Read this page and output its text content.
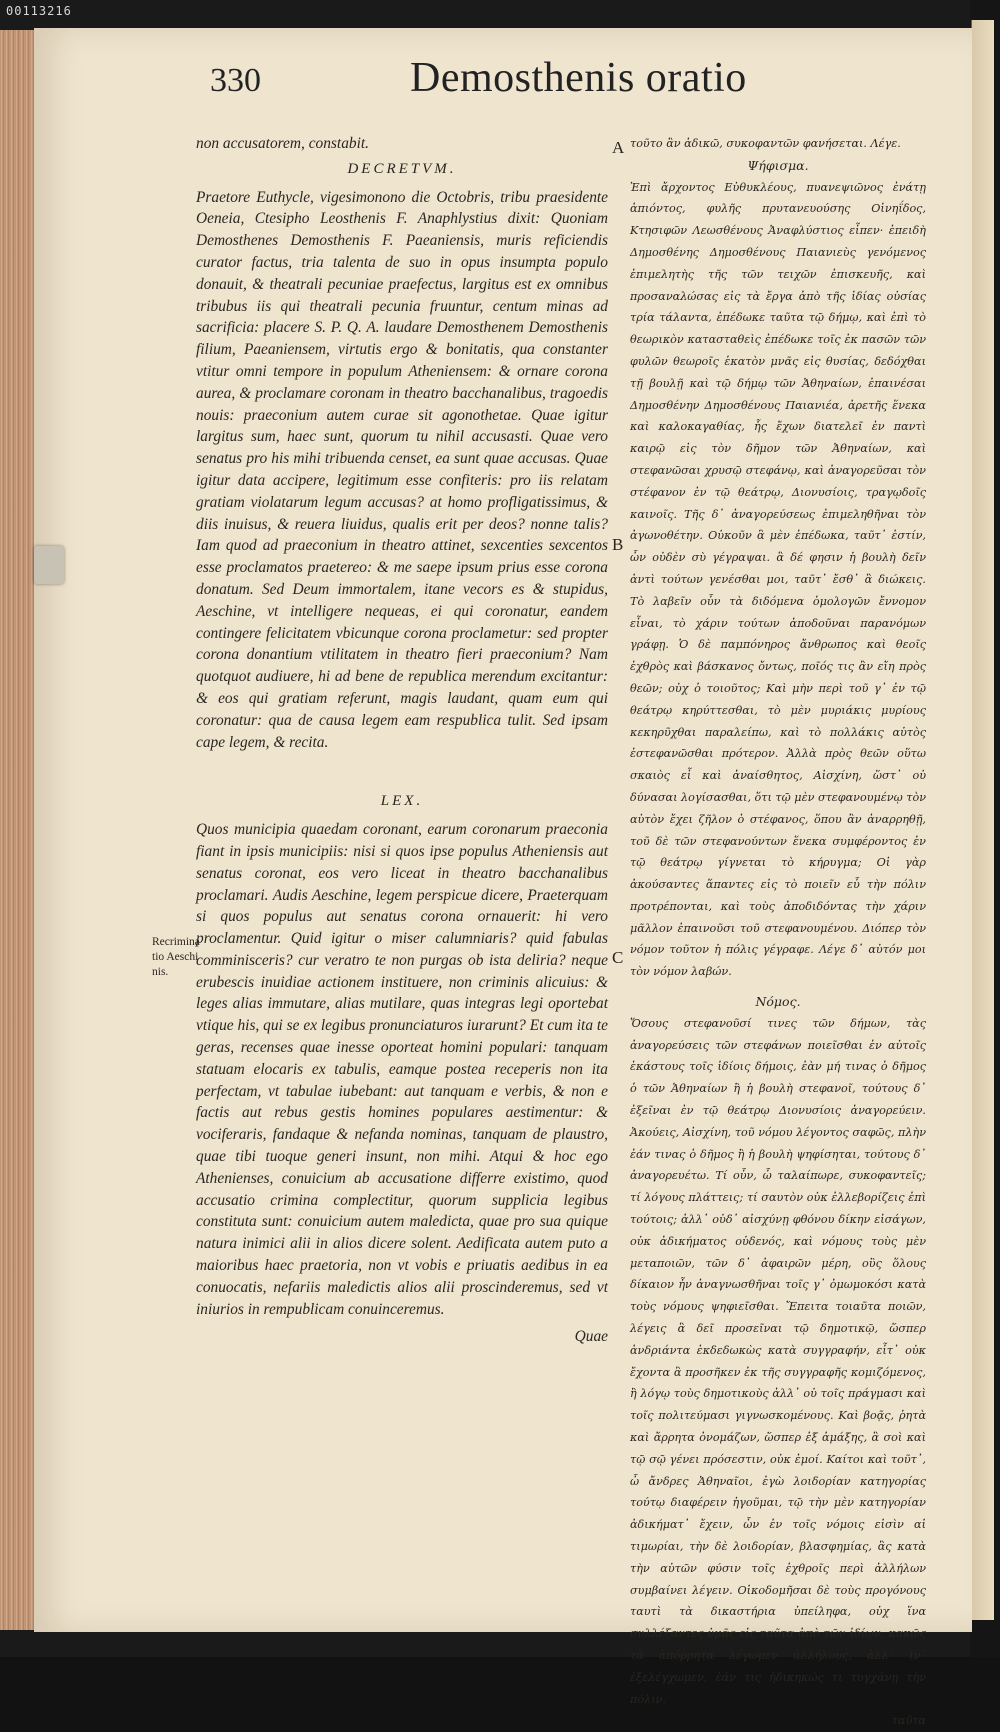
00113216
330	Demosthenis oratio

non accusatorem, constabit.

DECRETVM.

Praetore Euthycle, vigesimonono die Octobris, tribu praesidente Oeneia, Ctesipho Leosthenis F. Anaphlystius dixit: Quoniam Demosthenes Demosthenis F. Paeaniensis, muris reficiendis curator factus, tria talenta de suo in opus insumpta populo donauit, & theatrali pecuniae praefectus, largitus est ex omnibus tribubus iis qui theatrali pecunia fruuntur, centum minas ad sacrificia: placere S. P. Q. A. laudare Demosthenem Demosthenis filium, Paeaniensem, virtutis ergo & bonitatis, qua constanter vtitur omni tempore in populum Atheniensem: & ornare corona aurea, & proclamare coronam in theatro bacchanalibus, tragoedis nouis: praeconium autem curae sit agonothetae. Quae igitur largitus sum, haec sunt, quorum tu nihil accusasti. Quae vero senatus pro his mihi tribuenda censet, ea sunt quae accusas. Quae igitur data accipere, legitimum esse confiteris: pro iis relatam gratiam violatarum legum accusas? at homo profligatissimus, & diis inuisus, & reuera liuidus, qualis erit per deos? nonne talis? Iam quod ad praeconium in theatro attinet, sexcenties sexcentos esse proclamatos praetereo: & me saepe ipsum prius esse corona donatum. Sed Deum immortalem, itane vecors es & stupidus, Aeschine, vt intelligere nequeas, ei qui coronatur, eandem contingere felicitatem vbicunque corona proclametur: sed propter corona donantium vtilitatem in theatro fieri praeconium? Nam quotquot audiuere, hi ad bene de republica merendum excitantur: & eos qui gratiam referunt, magis laudant, quam eum qui coronatur: qua de causa legem eam respublica tulit. Sed ipsam cape legem, & recita.

LEX.

Quos municipia quaedam coronant, earum coronarum praeconia fiant in ipsis municipiis: nisi si quos ipse populus Atheniensis aut senatus coronat, eos vero liceat in theatro bacchanalibus proclamari. Audis Aeschine, legem perspicue dicere, Praeterquam si quos populus aut senatus corona ornauerit: hi vero proclamentur. Quid igitur o miser calumniaris? quid fabulas comminisceris? cur veratro te non purgas ob ista deliria? neque erubescis inuidiae actionem instituere, non criminis alicuius: & leges alias immutare, alias mutilare, quas integras legi oportebat vtique his, qui se ex legibus pronunciaturos iurarunt? Et cum ita te geras, recenses quae inesse oporteat homini populari: tanquam statuam elocaris ex tabulis, eamque postea receperis non ita perfectam, vt tabulae iubebant: aut tanquam e verbis, & non e factis aut rebus gestis homines populares aestimentur: & vociferaris, fandaque & nefanda nominas, tanquam de plaustro, quae tibi tuoque generi insunt, non mihi. Atqui & hoc ego Athenienses, conuicium ab accusatione differre existimo, quod accusatio crimina complectitur, quorum supplicia legibus constituta sunt: conuicium autem maledicta, quae pro sua quique natura inimici alii in alios dicere solent. Aedificata autem puto a maioribus haec praetoria, non vt vobis e priuatis aedibus in ea conuocatis, nefariis maledictis alios alii proscinderemus, sed vt iniurios in rempublicam conuinceremus.

Quae
Recrimina tio Aeschi nis.
A
B
C

τοῦτο ἂν ἀδικῶ, συκοφαντῶν φανήσεται. Λέγε.

Ψήφισμα.

Ἐπὶ ἄρχοντος Εὐθυκλέους, πυανεψιῶνος ἐνάτῃ ἀπιόντος, φυλῆς πρυτανευούσης Οἰνηΐδος, Κτησιφῶν Λεωσθένους Ἀναφλύστιος εἶπεν· ἐπειδὴ Δημοσθένης Δημοσθένους Παιανιεὺς γενόμενος ἐπιμελητὴς τῆς τῶν τειχῶν ἐπισκευῆς, καὶ προσαναλώσας εἰς τὰ ἔργα ἀπὸ τῆς ἰδίας οὐσίας τρία τάλαντα, ἐπέδωκε ταῦτα τῷ δήμῳ, καὶ ἐπὶ τὸ θεωρικὸν κατασταθεὶς ἐπέδωκε τοῖς ἐκ πασῶν τῶν φυλῶν θεωροῖς ἑκατὸν μνᾶς εἰς θυσίας, δεδόχθαι τῇ βουλῇ καὶ τῷ δήμῳ τῶν Ἀθηναίων, ἐπαινέσαι Δημοσθένην Δημοσθένους Παιανιέα, ἀρετῆς ἕνεκα καὶ καλοκαγαθίας, ἧς ἔχων διατελεῖ ἐν παντὶ καιρῷ εἰς τὸν δῆμον τῶν Ἀθηναίων, καὶ στεφανῶσαι χρυσῷ στεφάνῳ, καὶ ἀναγορεῦσαι τὸν στέφανον ἐν τῷ θεάτρῳ, Διονυσίοις, τραγῳδοῖς καινοῖς. Τῆς δ᾽ ἀναγορεύσεως ἐπιμεληθῆναι τὸν ἀγωνοθέτην. Οὐκοῦν ἃ μὲν ἐπέδωκα, ταῦτ᾽ ἐστίν, ὧν οὐδὲν σὺ γέγραψαι. ἃ δέ φησιν ἡ βουλὴ δεῖν ἀντὶ τούτων γενέσθαι μοι, ταῦτ᾽ ἔσθ᾽ ἃ διώκεις. Τὸ λαβεῖν οὖν τὰ διδόμενα ὁμολογῶν ἔννομον εἶναι, τὸ χάριν τούτων ἀποδοῦναι παρανόμων γράφῃ. Ὁ δὲ παμπόνηρος ἄνθρωπος καὶ θεοῖς ἐχθρὸς καὶ βάσκανος ὄντως, ποῖός τις ἂν εἴη πρὸς θεῶν; οὐχ ὁ τοιοῦτος; Καὶ μὴν περὶ τοῦ γ᾽ ἐν τῷ θεάτρῳ κηρύττεσθαι, τὸ μὲν μυριάκις μυρίους κεκηρῦχθαι παραλείπω, καὶ τὸ πολλάκις αὐτὸς ἐστεφανῶσθαι πρότερον. Ἀλλὰ πρὸς θεῶν οὕτω σκαιὸς εἶ καὶ ἀναίσθητος, Αἰσχίνη, ὥστ᾽ οὐ δύνασαι λογίσασθαι, ὅτι τῷ μὲν στεφανουμένῳ τὸν αὐτὸν ἔχει ζῆλον ὁ στέφανος, ὅπου ἂν ἀναρρηθῇ, τοῦ δὲ τῶν στεφανούντων ἕνεκα συμφέροντος ἐν τῷ θεάτρῳ γίγνεται τὸ κήρυγμα; Οἱ γὰρ ἀκούσαντες ἅπαντες εἰς τὸ ποιεῖν εὖ τὴν πόλιν προτρέπονται, καὶ τοὺς ἀποδιδόντας τὴν χάριν μᾶλλον ἐπαινοῦσι τοῦ στεφανουμένου. Διόπερ τὸν νόμον τοῦτον ἡ πόλις γέγραφε. Λέγε δ᾽ αὐτόν μοι τὸν νόμον λαβών.

Νόμος.

Ὅσους στεφανοῦσί τινες τῶν δήμων, τὰς ἀναγορεύσεις τῶν στεφάνων ποιεῖσθαι ἐν αὐτοῖς ἑκάστους τοῖς ἰδίοις δήμοις, ἐὰν μή τινας ὁ δῆμος ὁ τῶν Ἀθηναίων ἢ ἡ βουλὴ στεφανοῖ, τούτους δ᾽ ἐξεῖναι ἐν τῷ θεάτρῳ Διονυσίοις ἀναγορεύειν. Ἀκούεις, Αἰσχίνη, τοῦ νόμου λέγοντος σαφῶς, πλὴν ἐάν τινας ὁ δῆμος ἢ ἡ βουλὴ ψηφίσηται, τούτους δ᾽ ἀναγορευέτω. Τί οὖν, ὦ ταλαίπωρε, συκοφαντεῖς; τί λόγους πλάττεις; τί σαυτὸν οὐκ ἐλλεβορίζεις ἐπὶ τούτοις; ἀλλ᾽ οὐδ᾽ αἰσχύνῃ φθόνου δίκην εἰσάγων, οὐκ ἀδικήματος οὐδενός, καὶ νόμους τοὺς μὲν μεταποιῶν, τῶν δ᾽ ἀφαιρῶν μέρη, οὓς ὅλους δίκαιον ἦν ἀναγνωσθῆναι τοῖς γ᾽ ὀμωμοκόσι κατὰ τοὺς νόμους ψηφιεῖσθαι. Ἔπειτα τοιαῦτα ποιῶν, λέγεις ἃ δεῖ προσεῖναι τῷ δημοτικῷ, ὥσπερ ἀνδριάντα ἐκδεδωκὼς κατὰ συγγραφήν, εἶτ᾽ οὐκ ἔχοντα ἃ προσῆκεν ἐκ τῆς συγγραφῆς κομιζόμενος, ἢ λόγῳ τοὺς δημοτικοὺς ἀλλ᾽ οὐ τοῖς πράγμασι καὶ τοῖς πολιτεύμασι γιγνωσκομένους. Καὶ βοᾷς, ῥητὰ καὶ ἄρρητα ὀνομάζων, ὥσπερ ἐξ ἁμάξης, ἃ σοὶ καὶ τῷ σῷ γένει πρόσεστιν, οὐκ ἐμοί. Καίτοι καὶ τοῦτ᾽, ὦ ἄνδρες Ἀθηναῖοι, ἐγὼ λοιδορίαν κατηγορίας τούτῳ διαφέρειν ἡγοῦμαι, τῷ τὴν μὲν κατηγορίαν ἀδικήματ᾽ ἔχειν, ὧν ἐν τοῖς νόμοις εἰσὶν αἱ τιμωρίαι, τὴν δὲ λοιδορίαν, βλασφημίας, ἃς κατὰ τὴν αὐτῶν φύσιν τοῖς ἐχθροῖς περὶ ἀλλήλων συμβαίνει λέγειν. Οἰκοδομῆσαι δὲ τοὺς προγόνους ταυτὶ τὰ δικαστήρια ὑπείληφα, οὐχ ἵνα συλλέξαντες ὑμᾶς εἰς ταῦτα ἀπὸ τῶν ἰδίων, κακῶς τὰ ἀπόρρητα λέγωμεν ἀλλήλους, ἀλλ᾽ ἵν᾽ ἐξελέγχωμεν, ἐάν τις ἠδικηκώς τι τυγχάνῃ τὴν πόλιν.

ταῦτα
